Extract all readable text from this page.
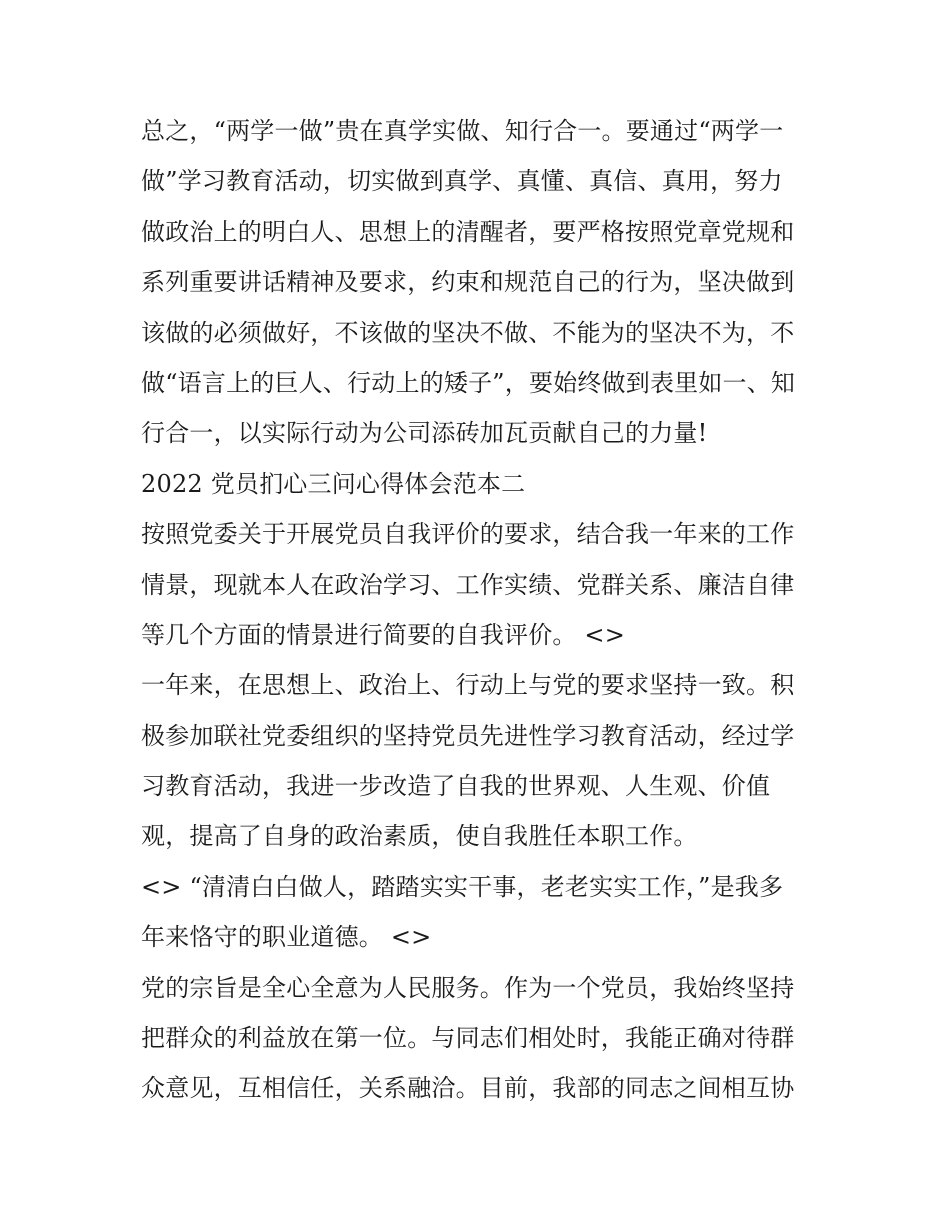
总之，“两学一做”贵在真学实做、知行合一。要通过“两学一
做”学习教育活动，切实做到真学、真懂、真信、真用，努力
做政治上的明白人、思想上的清醒者，要严格按照党章党规和
系列重要讲话精神及要求，约束和规范自己的行为，坚决做到
该做的必须做好，不该做的坚决不做、不能为的坚决不为，不
做“语言上的巨人、行动上的矮子”，要始终做到表里如一、知
行合一，以实际行动为公司添砖加瓦贡献自己的力量!
2022 党员扪心三问心得体会范本二
按照党委关于开展党员自我评价的要求，结合我一年来的工作
情景，现就本人在政治学习、工作实绩、党群关系、廉洁自律
等几个方面的情景进行简要的自我评价。 <>
一年来，在思想上、政治上、行动上与党的要求坚持一致。积
极参加联社党委组织的坚持党员先进性学习教育活动，经过学
习教育活动，我进一步改造了自我的世界观、人生观、价值
观，提高了自身的政治素质，使自我胜任本职工作。
<> “清清白白做人，踏踏实实干事，老老实实工作，”是我多
年来恪守的职业道德。 <>
党的宗旨是全心全意为人民服务。作为一个党员，我始终坚持
把群众的利益放在第一位。与同志们相处时，我能正确对待群
众意见，互相信任，关系融洽。目前，我部的同志之间相互协
